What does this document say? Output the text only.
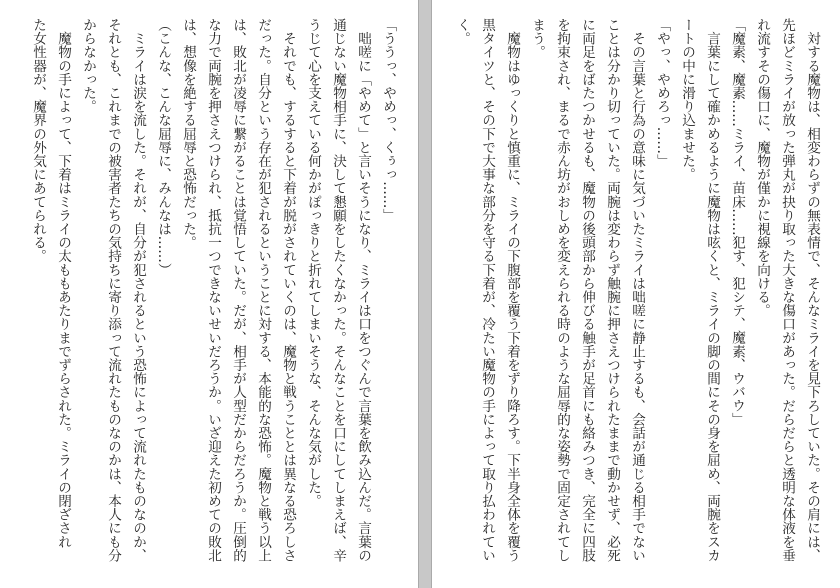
「ううっ、やめっ、くぅっ……」
　咄嗟に「やめて」と言いそうになり、ミライは口をつぐんで言葉を飲み込んだ。言葉の
通じない魔物相手に、決して懇願をしたくなかった。そんなことを口にしてしまえば、辛
うじて心を支えている何かがぽっきりと折れてしまいそうな、そんな気がした。
　それでも、するすると下着が脱がされていくのは、魔物と戦うこととは異なる恐ろしさ
だった。自分という存在が犯されるということに対する、本能的な恐怖。魔物と戦う以上
は、敗北が凌辱に繋がることは覚悟していた。だが、相手が人型だからだろうか。圧倒的
な力で両腕を押さえつけられ、抵抗一つできないせいだろうか。いざ迎えた初めての敗北
は、想像を絶する屈辱と恐怖だった。
（こんな、こんな屈辱に、みんなは……）
　ミライは涙を流した。それが、自分が犯されるという恐怖によって流れたものなのか、
それとも、これまでの被害者たちの気持ちに寄り添って流れたものなのかは、本人にも分
からなかった。
　魔物の手によって、下着はミライの太ももあたりまでずらされた。ミライの閉ざされ
た女性器が、魔界の外気にあてられる。	　対する魔物は、相変わらずの無表情で、そんなミライを見下ろしていた。その肩には、
先ほどミライが放った弾丸が抉り取った大きな傷口があった。だらだらと透明な体液を垂
れ流すその傷口に、魔物が僅かに視線を向ける。
「魔素、魔素……ミライ、苗床……犯す、犯シテ、魔素、ウバウ」
　言葉にして確かめるように魔物は呟くと、ミライの脚の間にその身を屈め、両腕をスカ
ートの中に滑り込ませた。
「やっ、やめろっ……」
　その言葉と行為の意味に気づいたミライは咄嗟に静止するも、会話が通じる相手でない
ことは分かり切っていた。両腕は変わらず触腕に押さえつけられたままで動かせず、必死
に両足をばたつかせるも、魔物の後頭部から伸びる触手が足首にも絡みつき、完全に四肢
を拘束され、まるで赤ん坊がおしめを変えられる時のような屈辱的な姿勢で固定されてし
まう。
　魔物はゆっくりと慎重に、ミライの下腹部を覆う下着をずり降ろす。下半身全体を覆う
黒タイツと、その下で大事な部分を守る下着が、冷たい魔物の手によって取り払われてい
く。
